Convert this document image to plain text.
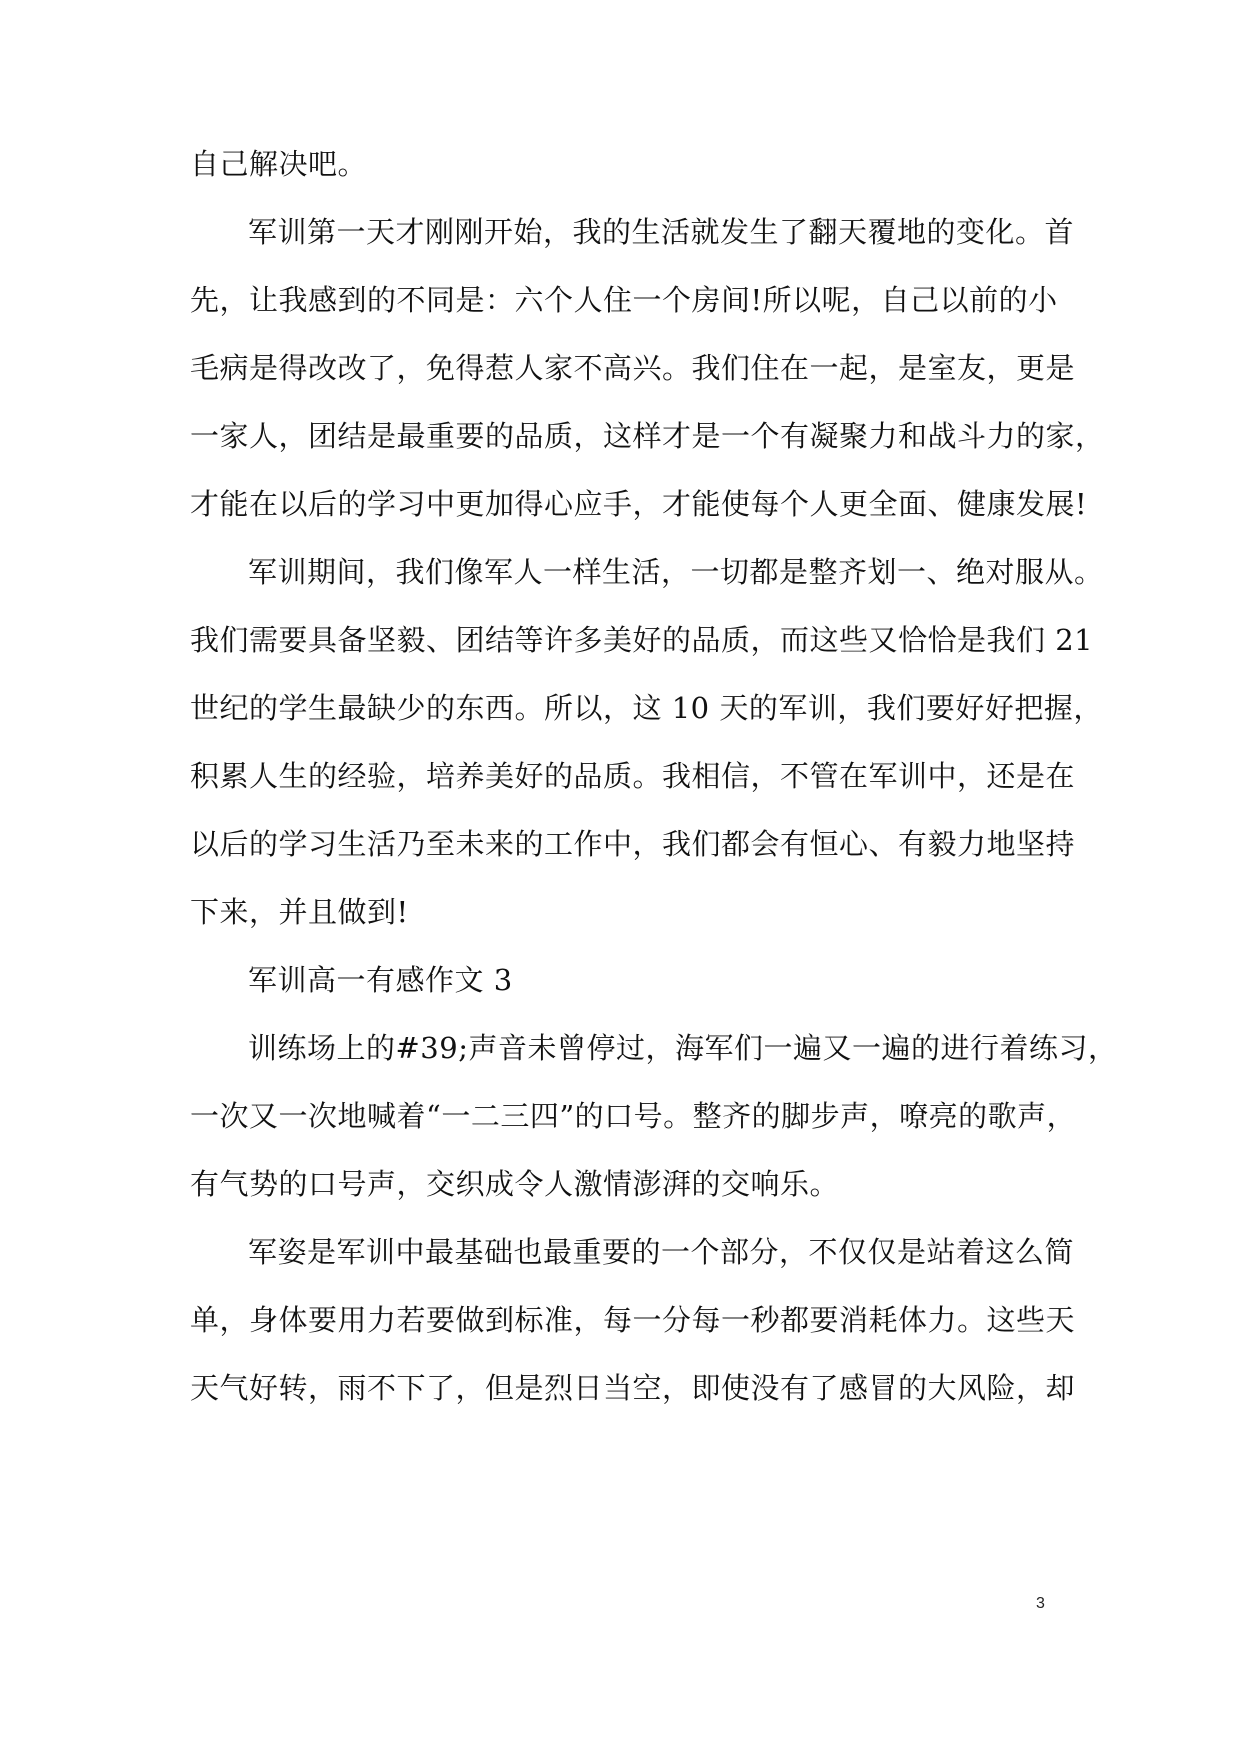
自己解决吧。
军训第一天才刚刚开始，我的生活就发生了翻天覆地的变化。首
先，让我感到的不同是：六个人住一个房间!所以呢，自己以前的小
毛病是得改改了，免得惹人家不高兴。我们住在一起，是室友，更是
一家人，团结是最重要的品质，这样才是一个有凝聚力和战斗力的家，
才能在以后的学习中更加得心应手，才能使每个人更全面、健康发展!
军训期间，我们像军人一样生活，一切都是整齐划一、绝对服从。
我们需要具备坚毅、团结等许多美好的品质，而这些又恰恰是我们 21
世纪的学生最缺少的东西。所以，这 10 天的军训，我们要好好把握，
积累人生的经验，培养美好的品质。我相信，不管在军训中，还是在
以后的学习生活乃至未来的工作中，我们都会有恒心、有毅力地坚持
下来，并且做到!
军训高一有感作文 3
训练场上的#39;声音未曾停过，海军们一遍又一遍的进行着练习，
一次又一次地喊着“一二三四”的口号。整齐的脚步声，嘹亮的歌声，
有气势的口号声，交织成令人激情澎湃的交响乐。
军姿是军训中最基础也最重要的一个部分，不仅仅是站着这么简
单，身体要用力若要做到标准，每一分每一秒都要消耗体力。这些天
天气好转，雨不下了，但是烈日当空，即使没有了感冒的大风险，却
3
